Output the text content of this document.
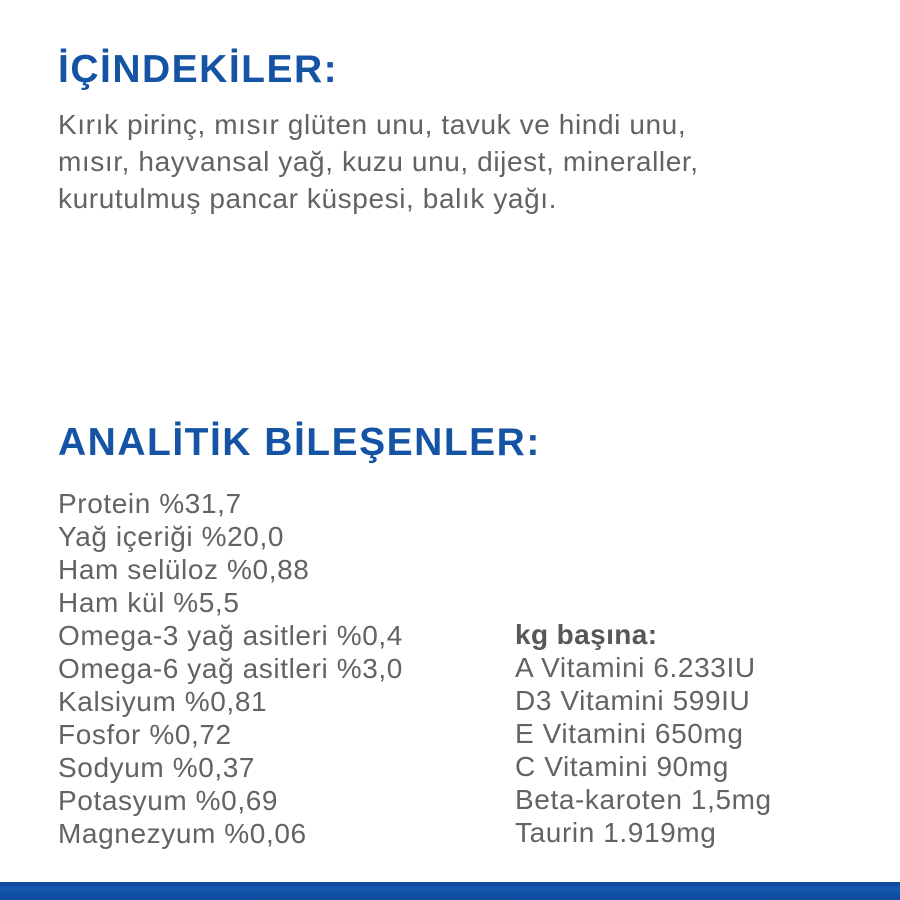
İÇİNDEKİLER:
Kırık pirinç, mısır glüten unu, tavuk ve hindi unu,
mısır, hayvansal yağ, kuzu unu, dijest, mineraller,
kurutulmuş pancar küspesi, balık yağı.
ANALİTİK BİLEŞENLER:
Protein %31,7
Yağ içeriği %20,0
Ham selüloz %0,88
Ham kül %5,5
Omega-3 yağ asitleri %0,4
Omega-6 yağ asitleri %3,0
Kalsiyum %0,81
Fosfor %0,72
Sodyum %0,37
Potasyum %0,69
Magnezyum %0,06
kg başına:
A Vitamini 6.233IU
D3 Vitamini 599IU
E Vitamini 650mg
C Vitamini 90mg
Beta-karoten 1,5mg
Taurin 1.919mg
